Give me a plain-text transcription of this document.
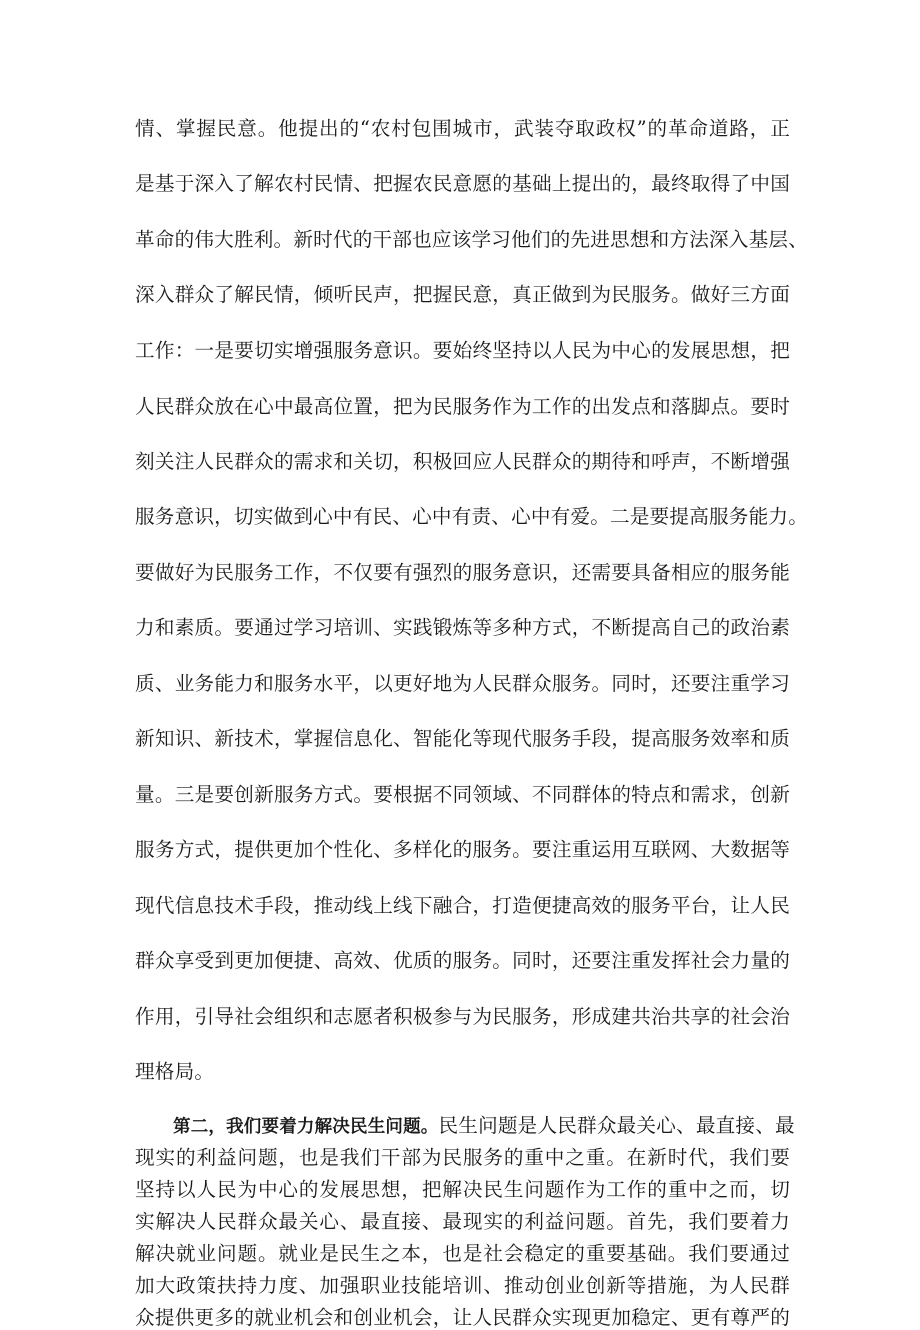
情、掌握民意。他提出的“农村包围城市，武装夺取政权”的革命道路，正
是基于深入了解农村民情、把握农民意愿的基础上提出的，最终取得了中国
革命的伟大胜利。新时代的干部也应该学习他们的先进思想和方法深入基层、
深入群众了解民情，倾听民声，把握民意，真正做到为民服务。做好三方面
工作：一是要切实增强服务意识。要始终坚持以人民为中心的发展思想，把
人民群众放在心中最高位置，把为民服务作为工作的出发点和落脚点。要时
刻关注人民群众的需求和关切，积极回应人民群众的期待和呼声，不断增强
服务意识，切实做到心中有民、心中有责、心中有爱。二是要提高服务能力。
要做好为民服务工作，不仅要有强烈的服务意识，还需要具备相应的服务能
力和素质。要通过学习培训、实践锻炼等多种方式，不断提高自己的政治素
质、业务能力和服务水平，以更好地为人民群众服务。同时，还要注重学习
新知识、新技术，掌握信息化、智能化等现代服务手段，提高服务效率和质
量。三是要创新服务方式。要根据不同领域、不同群体的特点和需求，创新
服务方式，提供更加个性化、多样化的服务。要注重运用互联网、大数据等
现代信息技术手段，推动线上线下融合，打造便捷高效的服务平台，让人民
群众享受到更加便捷、高效、优质的服务。同时，还要注重发挥社会力量的
作用，引导社会组织和志愿者积极参与为民服务，形成建共治共享的社会治
理格局。
第二，我们要着力解决民生问题。民生问题是人民群众最关心、最直接、最
现实的利益问题，也是我们干部为民服务的重中之重。在新时代，我们要
坚持以人民为中心的发展思想，把解决民生问题作为工作的重中之而，切
实解决人民群众最关心、最直接、最现实的利益问题。首先，我们要着力
解决就业问题。就业是民生之本，也是社会稳定的重要基础。我们要通过
加大政策扶持力度、加强职业技能培训、推动创业创新等措施，为人民群
众提供更多的就业机会和创业机会，让人民群众实现更加稳定、更有尊严的
